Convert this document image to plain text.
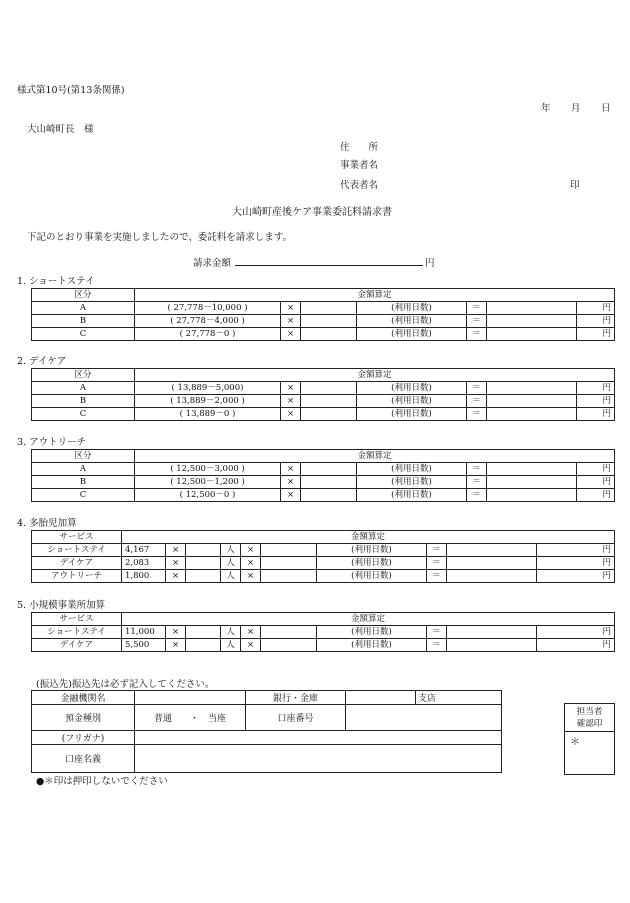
様式第10号(第13条関係)
年 月 日
大山崎町長　様
住　　所
事業者名
代表者名	印
大山崎町産後ケア事業委託料請求書
下記のとおり事業を実施しましたので、委託料を請求します。
請求金額	円
1. ショートステイ
区分	金額算定						
A	( 27,778－10,000 )	×		(利用日数)	＝		円
B	( 27,778－4,000 )	×		(利用日数)	＝		円
C	( 27,778－0 )	×		(利用日数)	＝		円
2. デイケア
区分	金額算定						
A	( 13,889－5,000)	×		(利用日数)	＝		円
B	( 13,889－2,000 )	×		(利用日数)	＝		円
C	( 13,889－0 )	×		(利用日数)	＝		円
3. アウトリーチ
区分	金額算定						
A	( 12,500－3,000 )	×		(利用日数)	＝		円
B	( 12,500－1,200 )	×		(利用日数)	＝		円
C	( 12,500－0 )	×		(利用日数)	＝		円
4. 多胎児加算
サービス	金額算定									
ショートステイ	4,167	×		人	×		(利用日数)	＝		円
デイケア	2,083	×		人	×		(利用日数)	＝		円
アウトリーチ	1,800	×		人	×		(利用日数)	＝		円
5. 小規模事業所加算
サービス	金額算定									
ショートステイ	11,000	×		人	×		(利用日数)	＝		円
デイケア	5,500	×		人	×		(利用日数)	＝		円
(振込先)振込先は必ず記入してください。
金融機関名		銀行・金庫		支店
預金種別	普通　　・　当座	口座番号		
(フリガナ)				
口座名義				
●＊印は押印しないでください
担当者
確認印
＊
